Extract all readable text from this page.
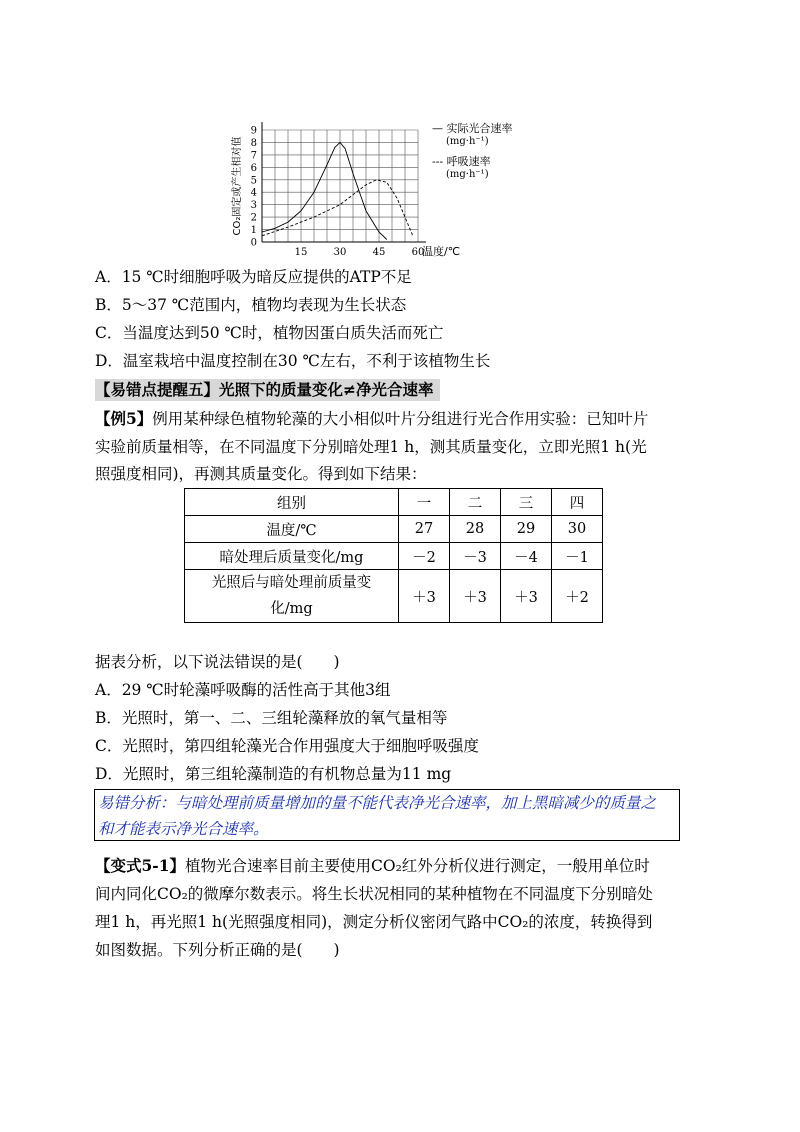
0
1
2
3
4
5
6
7
8
9
15	30	45	60
温度/℃
CO₂固定或产生相对值
— 实际光合速率
(mg·h⁻¹)
--- 呼吸速率
(mg·h⁻¹)
A．15 ℃时细胞呼吸为暗反应提供的ATP不足
B．5～37 ℃范围内，植物均表现为生长状态
C．当温度达到50 ℃时，植物因蛋白质失活而死亡
D．温室栽培中温度控制在30 ℃左右，不利于该植物生长
【易错点提醒五】光照下的质量变化≠净光合速率
【例5】例用某种绿色植物轮藻的大小相似叶片分组进行光合作用实验：已知叶片
实验前质量相等，在不同温度下分别暗处理1 h，测其质量变化，立即光照1 h(光
照强度相同)，再测其质量变化。得到如下结果：
组别	一	二	三	四
温度/℃	27	28	29	30
暗处理后质量变化/mg	－2	－3	－4	－1

光照后与暗处理前质量变
化/mg	＋3	＋3	＋3	＋2
据表分析，以下说法错误的是(　　)
A．29 ℃时轮藻呼吸酶的活性高于其他3组
B．光照时，第一、二、三组轮藻释放的氧气量相等
C．光照时，第四组轮藻光合作用强度大于细胞呼吸强度
D．光照时，第三组轮藻制造的有机物总量为11 mg
易错分析：与暗处理前质量增加的量不能代表净光合速率，加上黑暗减少的质量之
和才能表示净光合速率。
【变式5-1】植物光合速率目前主要使用CO₂红外分析仪进行测定，一般用单位时
间内同化CO₂的微摩尔数表示。将生长状况相同的某种植物在不同温度下分别暗处
理1 h，再光照1 h(光照强度相同)，测定分析仪密闭气路中CO₂的浓度，转换得到
如图数据。下列分析正确的是(　　)
